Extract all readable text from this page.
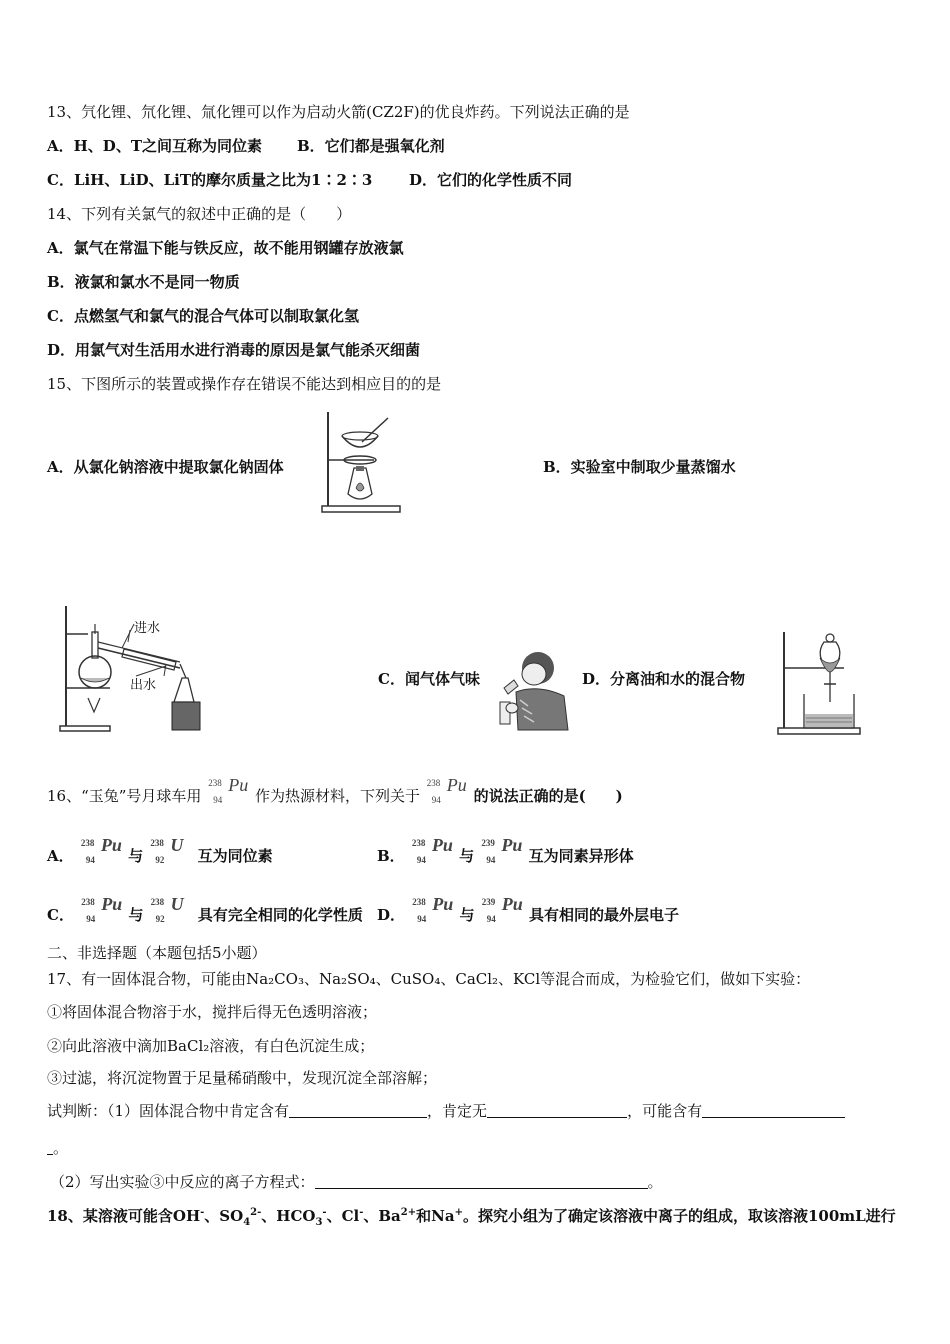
13、氕化锂、氘化锂、氚化锂可以作为启动火箭(CZ2F)的优良炸药。下列说法正确的是
A．H、D、T之间互称为同位素 B．它们都是强氧化剂
C．LiH、LiD、LiT的摩尔质量之比为1∶2∶3 D．它们的化学性质不同
14、下列有关氯气的叙述中正确的是（　　）
A．氯气在常温下能与铁反应，故不能用钢罐存放液氯
B．液氯和氯水不是同一物质
C．点燃氢气和氯气的混合气体可以制取氯化氢
D．用氯气对生活用水进行消毒的原因是氯气能杀灭细菌
15、下图所示的装置或操作存在错误不能达到相应目的的是
A．从氯化钠溶液中提取氯化钠固体	B．实验室中制取少量蒸馏水
进水
出水	C．闻气体气味	D．分离油和水的混合物
16、“玉兔”号月球车用
238
94
Pu
作为热源材料，下列关于
238
94
Pu
的说法正确的是(　　)
A．
238
94
Pu
与
238
92
U
互为同位素	B．
238
94
Pu
与
239
94
Pu
互为同素异形体
C．
238
94
Pu
与
238
92
U
具有完全相同的化学性质 D．
238
94
Pu
与
239
94
Pu
具有相同的最外层电子
二、非选择题（本题包括5小题）
17、有一固体混合物，可能由Na₂CO₃、Na₂SO₄、CuSO₄、CaCl₂、KCl等混合而成，为检验它们，做如下实验：
①将固体混合物溶于水，搅拌后得无色透明溶液；
②向此溶液中滴加BaCl₂溶液，有白色沉淀生成；
③过滤，将沉淀物置于足量稀硝酸中，发现沉淀全部溶解；
试判断：（1）固体混合物中肯定含有	，肯定无	，可能含有
。
（2）写出实验③中反应的离子方程式：	。
18、某溶液可能含OH-、$SO_4^{2-}$、$HCO_3^-$、Cl-、$Ba^{2+}$和Na+。探究小组为了确定该溶液中离子的组成，取该溶液100mL进行
